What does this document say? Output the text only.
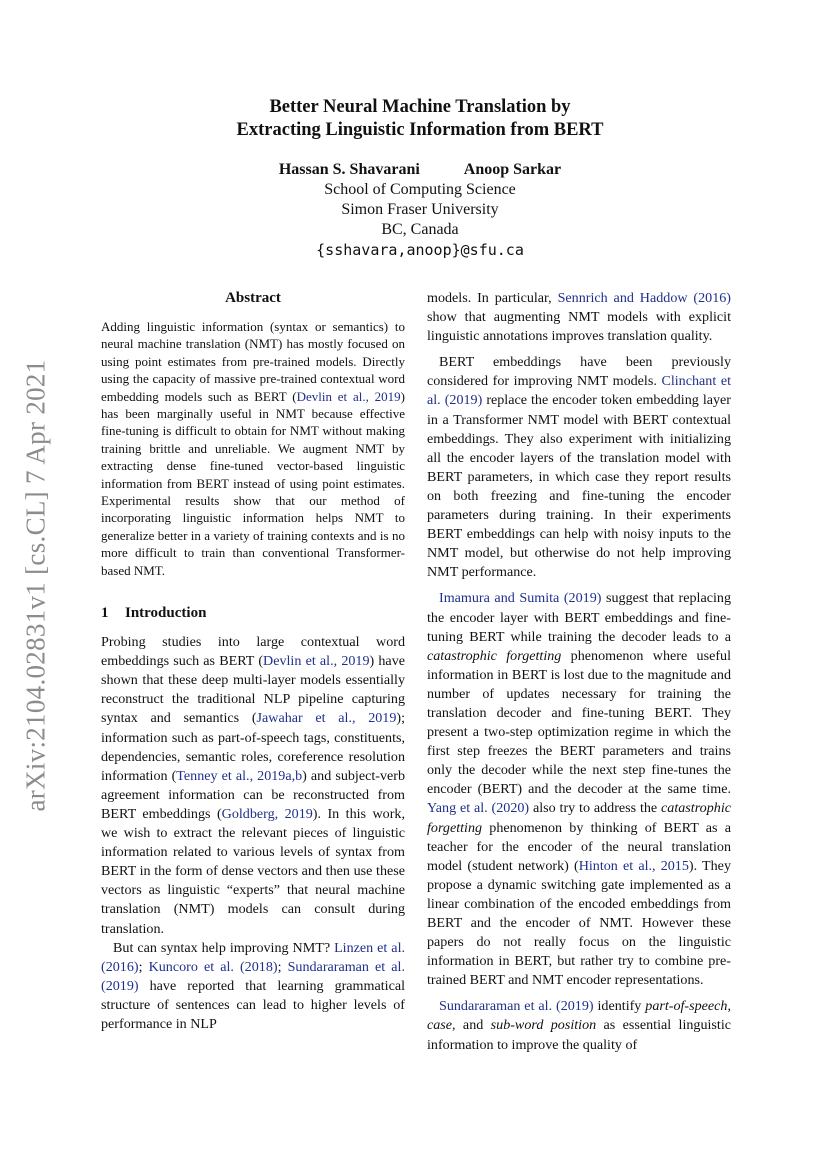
arXiv:2104.02831v1 [cs.CL] 7 Apr 2021
Better Neural Machine Translation by
Extracting Linguistic Information from BERT
Hassan S. Shavarani	Anoop Sarkar
School of Computing Science
Simon Fraser University
BC, Canada
{sshavara,anoop}@sfu.ca
Abstract

Adding linguistic information (syntax or semantics) to neural machine translation (NMT) has mostly focused on using point estimates from pre-trained models. Directly using the capacity of massive pre-trained contextual word embedding models such as BERT (Devlin et al., 2019) has been marginally useful in NMT because effective fine-tuning is difficult to obtain for NMT without making training brittle and unreliable. We augment NMT by extracting dense fine-tuned vector-based linguistic information from BERT instead of using point estimates. Experimental results show that our method of incorporating linguistic information helps NMT to generalize better in a variety of training contexts and is no more difficult to train than conventional Transformer-based NMT.

1 Introduction

Probing studies into large contextual word embeddings such as BERT (Devlin et al., 2019) have shown that these deep multi-layer models essentially reconstruct the traditional NLP pipeline capturing syntax and semantics (Jawahar et al., 2019); information such as part-of-speech tags, constituents, dependencies, semantic roles, coreference resolution information (Tenney et al., 2019a,b) and subject-verb agreement information can be reconstructed from BERT embeddings (Goldberg, 2019). In this work, we wish to extract the relevant pieces of linguistic information related to various levels of syntax from BERT in the form of dense vectors and then use these vectors as linguistic “experts” that neural machine translation (NMT) models can consult during translation.

But can syntax help improving NMT? Linzen et al. (2016); Kuncoro et al. (2018); Sundararaman et al. (2019) have reported that learning grammatical structure of sentences can lead to higher levels of performance in NLP

models. In particular, Sennrich and Haddow (2016) show that augmenting NMT models with explicit linguistic annotations improves translation quality.

BERT embeddings have been previously considered for improving NMT models. Clinchant et al. (2019) replace the encoder token embedding layer in a Transformer NMT model with BERT contextual embeddings. They also experiment with initializing all the encoder layers of the translation model with BERT parameters, in which case they report results on both freezing and fine-tuning the encoder parameters during training. In their experiments BERT embeddings can help with noisy inputs to the NMT model, but otherwise do not help improving NMT performance.

Imamura and Sumita (2019) suggest that replacing the encoder layer with BERT embeddings and fine-tuning BERT while training the decoder leads to a catastrophic forgetting phenomenon where useful information in BERT is lost due to the magnitude and number of updates necessary for training the translation decoder and fine-tuning BERT. They present a two-step optimization regime in which the first step freezes the BERT parameters and trains only the decoder while the next step fine-tunes the encoder (BERT) and the decoder at the same time. Yang et al. (2020) also try to address the catastrophic forgetting phenomenon by thinking of BERT as a teacher for the encoder of the neural translation model (student network) (Hinton et al., 2015). They propose a dynamic switching gate implemented as a linear combination of the encoded embeddings from BERT and the encoder of NMT. However these papers do not really focus on the linguistic information in BERT, but rather try to combine pre-trained BERT and NMT encoder representations.

Sundararaman et al. (2019) identify part-of-speech, case, and sub-word position as essential linguistic information to improve the quality of
